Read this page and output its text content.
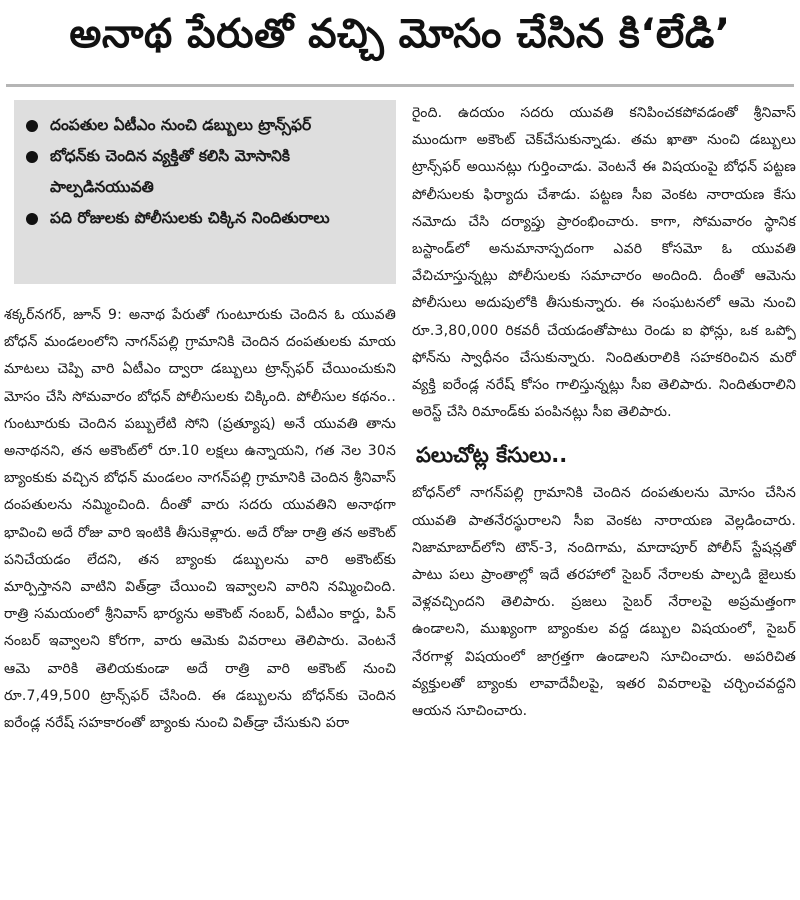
అనాథ పేరుతో వచ్చి మోసం చేసిన కి‘లేడి’
దంపతుల ఏటీఎం నుంచి డబ్బులు ట్రాన్స్‌ఫర్
బోధన్‌కు చెందిన వ్యక్తితో కలిసి మోసానికి పాల్పడినయువతి
పది రోజులకు పోలీసులకు చిక్కిన నిందితురాలు

శక్కర్‌నగర్, జూన్ 9: అనాథ పేరుతో గుంటూరుకు చెందిన ఓ యువతి బోధన్ మండలంలోని నాగన్‌పల్లి గ్రామానికి చెందిన దంపతులకు మాయ మాటలు చెప్పి వారి ఏటీఎం ద్వారా డబ్బులు ట్రాన్స్‌ఫర్ చేయించుకుని మోసం చేసి సోమవారం బోధన్ పోలీసులకు చిక్కింది. పోలీసుల కథనం.. గుంటూరుకు చెందిన పబ్బులేటి సోని (ప్రత్యూష) అనే యువతి తాను అనాథనని, తన అకౌంట్‌లో రూ.10 లక్షలు ఉన్నాయని, గత నెల 30న బ్యాంకుకు వచ్చిన బోధన్ మండలం నాగన్‌పల్లి గ్రామానికి చెందిన శ్రీనివాస్ దంపతులను నమ్మించింది. దీంతో వారు సదరు యువతిని అనాథగా భావించి అదే రోజు వారి ఇంటికి తీసుకెళ్లారు. అదే రోజు రాత్రి తన అకౌంట్ పనిచేయడం లేదని, తన బ్యాంకు డబ్బులను వారి అకౌంట్‌కు మార్పిస్తానని వాటిని విత్‌డ్రా చేయించి ఇవ్వాలని వారిని నమ్మించింది. రాత్రి సమయంలో శ్రీనివాస్ భార్యను అకౌంట్ నంబర్, ఏటీఎం కార్డు, పిన్ నంబర్ ఇవ్వాలని కోరగా, వారు ఆమెకు వివరాలు తెలిపారు. వెంటనే ఆమె వారికి తెలియకుండా అదే రాత్రి వారి అకౌంట్ నుంచి రూ.7,49,500 ట్రాన్స్‌ఫర్ చేసింది. ఈ డబ్బులను బోధన్‌కు చెందిన ఐరేండ్ల నరేష్ సహకారంతో బ్యాంకు నుంచి విత్‌డ్రా చేసుకుని పరా

రైంది. ఉదయం సదరు యువతి కనిపించకపోవడంతో శ్రీనివాస్ ముందుగా అకౌంట్ చెక్‌చేసుకున్నాడు. తమ ఖాతా నుంచి డబ్బులు ట్రాన్స్‌ఫర్ అయినట్లు గుర్తించాడు. వెంటనే ఈ విషయంపై బోధన్ పట్టణ పోలీసులకు ఫిర్యాదు చేశాడు. పట్టణ సీఐ వెంకట నారాయణ కేసు నమోదు చేసి దర్యాప్తు ప్రారంభించారు. కాగా, సోమవారం స్థానిక బస్టాండ్‌లో అనుమానాస్పదంగా ఎవరి కోసమో ఓ యువతి వేచిచూస్తున్నట్లు పోలీసులకు సమాచారం అందింది. దీంతో ఆమెను పోలీసులు అదుపులోకి తీసుకున్నారు. ఈ సంఘటనలో ఆమె నుంచి రూ.3,80,000 రికవరీ చేయడంతోపాటు రెండు ఐ ఫోన్లు, ఒక ఒప్పో ఫోన్‌ను స్వాధీనం చేసుకున్నారు. నిందితురాలికి సహకరించిన మరో వ్యక్తి ఐరేండ్ల నరేష్ కోసం గాలిస్తున్నట్లు సీఐ తెలిపారు. నిందితురాలిని అరెస్ట్ చేసి రిమాండ్‌కు పంపినట్లు సీఐ తెలిపారు.

పలుచోట్ల కేసులు..

బోధన్‌లో నాగన్‌పల్లి గ్రామానికి చెందిన దంపతులను మోసం చేసిన యువతి పాతనేరస్థురాలని సీఐ వెంకట నారాయణ వెల్లడించారు. నిజామాబాద్‌లోని టౌన్-3, నందిగామ, మాదాపూర్ పోలీస్ స్టేషన్లతో పాటు పలు ప్రాంతాల్లో ఇదే తరహాలో సైబర్ నేరాలకు పాల్పడి జైలుకు వెళ్లవచ్చిందని తెలిపారు. ప్రజలు సైబర్ నేరాలపై అప్రమత్తంగా ఉండాలని, ముఖ్యంగా బ్యాంకుల వద్ద డబ్బుల విషయంలో, సైబర్ నేరగాళ్ల విషయంలో జాగ్రత్తగా ఉండాలని సూచించారు. అపరిచిత వ్యక్తులతో బ్యాంకు లావాదేవీలపై, ఇతర వివరాలపై చర్చించవద్దని ఆయన సూచించారు.
